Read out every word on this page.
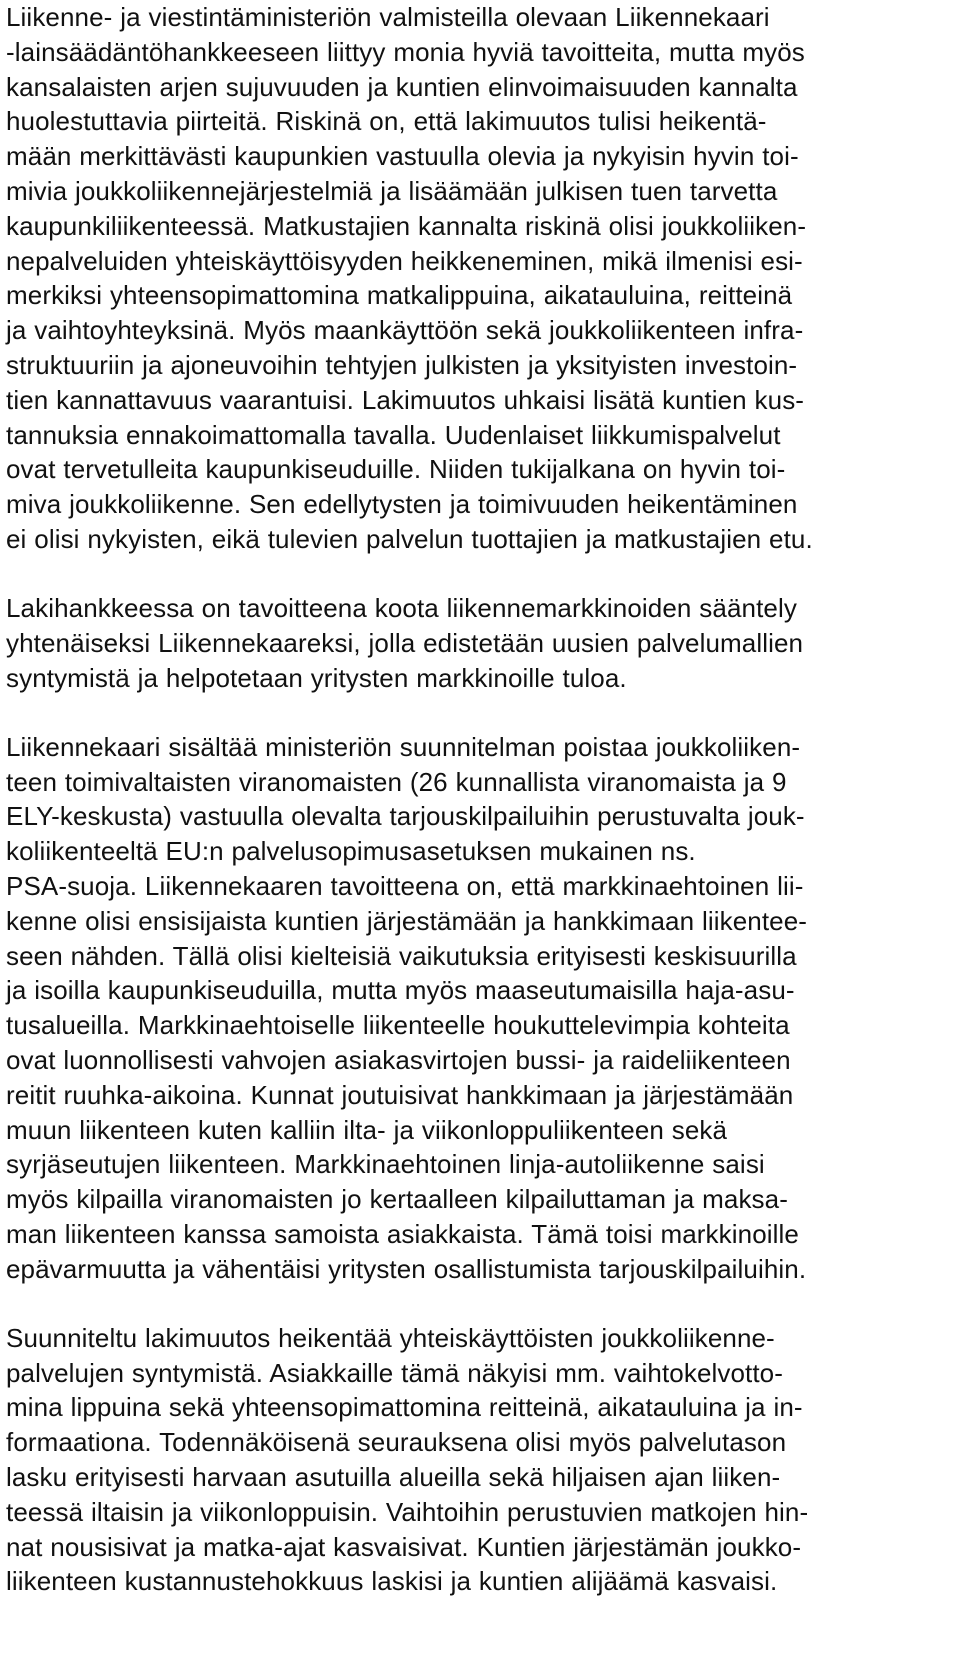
Liikenne- ja viestintäministeriön valmisteilla olevaan Liikennekaari
-lainsäädäntöhankkeeseen liittyy monia hyviä tavoitteita, mutta myös
kansalaisten arjen sujuvuuden ja kuntien elinvoimaisuuden kannalta
huolestuttavia piirteitä. Riskinä on, että lakimuutos tulisi heikentä-
mään merkittävästi kaupunkien vastuulla olevia ja nykyisin hyvin toi-
mivia joukkoliikennejärjestelmiä ja lisäämään julkisen tuen tarvetta
kaupunkiliikenteessä. Matkustajien kannalta riskinä olisi joukkoliiken-
nepalveluiden yhteiskäyttöisyyden heikkeneminen, mikä ilmenisi esi-
merkiksi yhteensopimattomina matkalippuina, aikatauluina, reitteinä
ja vaihtoyhteyksinä. Myös maankäyttöön sekä joukkoliikenteen infra-
struktuuriin ja ajoneuvoihin tehtyjen julkisten ja yksityisten investoin-
tien kannattavuus vaarantuisi. Lakimuutos uhkaisi lisätä kuntien kus-
tannuksia ennakoimattomalla tavalla. Uudenlaiset liikkumispalvelut
ovat tervetulleita kaupunkiseuduille. Niiden tukijalkana on hyvin toi-
miva joukkoliikenne. Sen edellytysten ja toimivuuden heikentäminen
ei olisi nykyisten, eikä tulevien palvelun tuottajien ja matkustajien etu.

Lakihankkeessa on tavoitteena koota liikennemarkkinoiden sääntely
yhtenäiseksi Liikennekaareksi, jolla edistetään uusien palvelumallien
syntymistä ja helpotetaan yritysten markkinoille tuloa.

Liikennekaari sisältää ministeriön suunnitelman poistaa joukkoliiken-
teen toimivaltaisten viranomaisten (26 kunnallista viranomaista ja 9
ELY-keskusta) vastuulla olevalta tarjouskilpailuihin perustuvalta jouk-
koliikenteeltä EU:n palvelusopimusasetuksen mukainen ns.
PSA-suoja. Liikennekaaren tavoitteena on, että markkinaehtoinen lii-
kenne olisi ensisijaista kuntien järjestämään ja hankkimaan liikentee-
seen nähden. Tällä olisi kielteisiä vaikutuksia erityisesti keskisuurilla
ja isoilla kaupunkiseuduilla, mutta myös maaseutumaisilla haja-asu-
tusalueilla. Markkinaehtoiselle liikenteelle houkuttelevimpia kohteita
ovat luonnollisesti vahvojen asiakasvirtojen bussi- ja raideliikenteen
reitit ruuhka-aikoina. Kunnat joutuisivat hankkimaan ja järjestämään
muun liikenteen kuten kalliin ilta- ja viikonloppuliikenteen sekä
syrjäseutujen liikenteen. Markkinaehtoinen linja-autoliikenne saisi
myös kilpailla viranomaisten jo kertaalleen kilpailuttaman ja maksa-
man liikenteen kanssa samoista asiakkaista. Tämä toisi markkinoille
epävarmuutta ja vähentäisi yritysten osallistumista tarjouskilpailuihin.

Suunniteltu lakimuutos heikentää yhteiskäyttöisten joukkoliikenne-
palvelujen syntymistä. Asiakkaille tämä näkyisi mm. vaihtokelvotto-
mina lippuina sekä yhteensopimattomina reitteinä, aikatauluina ja in-
formaationa. Todennäköisenä seurauksena olisi myös palvelutason
lasku erityisesti harvaan asutuilla alueilla sekä hiljaisen ajan liiken-
teessä iltaisin ja viikonloppuisin. Vaihtoihin perustuvien matkojen hin-
nat nousisivat ja matka-ajat kasvaisivat. Kuntien järjestämän joukko-
liikenteen kustannustehokkuus laskisi ja kuntien alijäämä kasvaisi.
